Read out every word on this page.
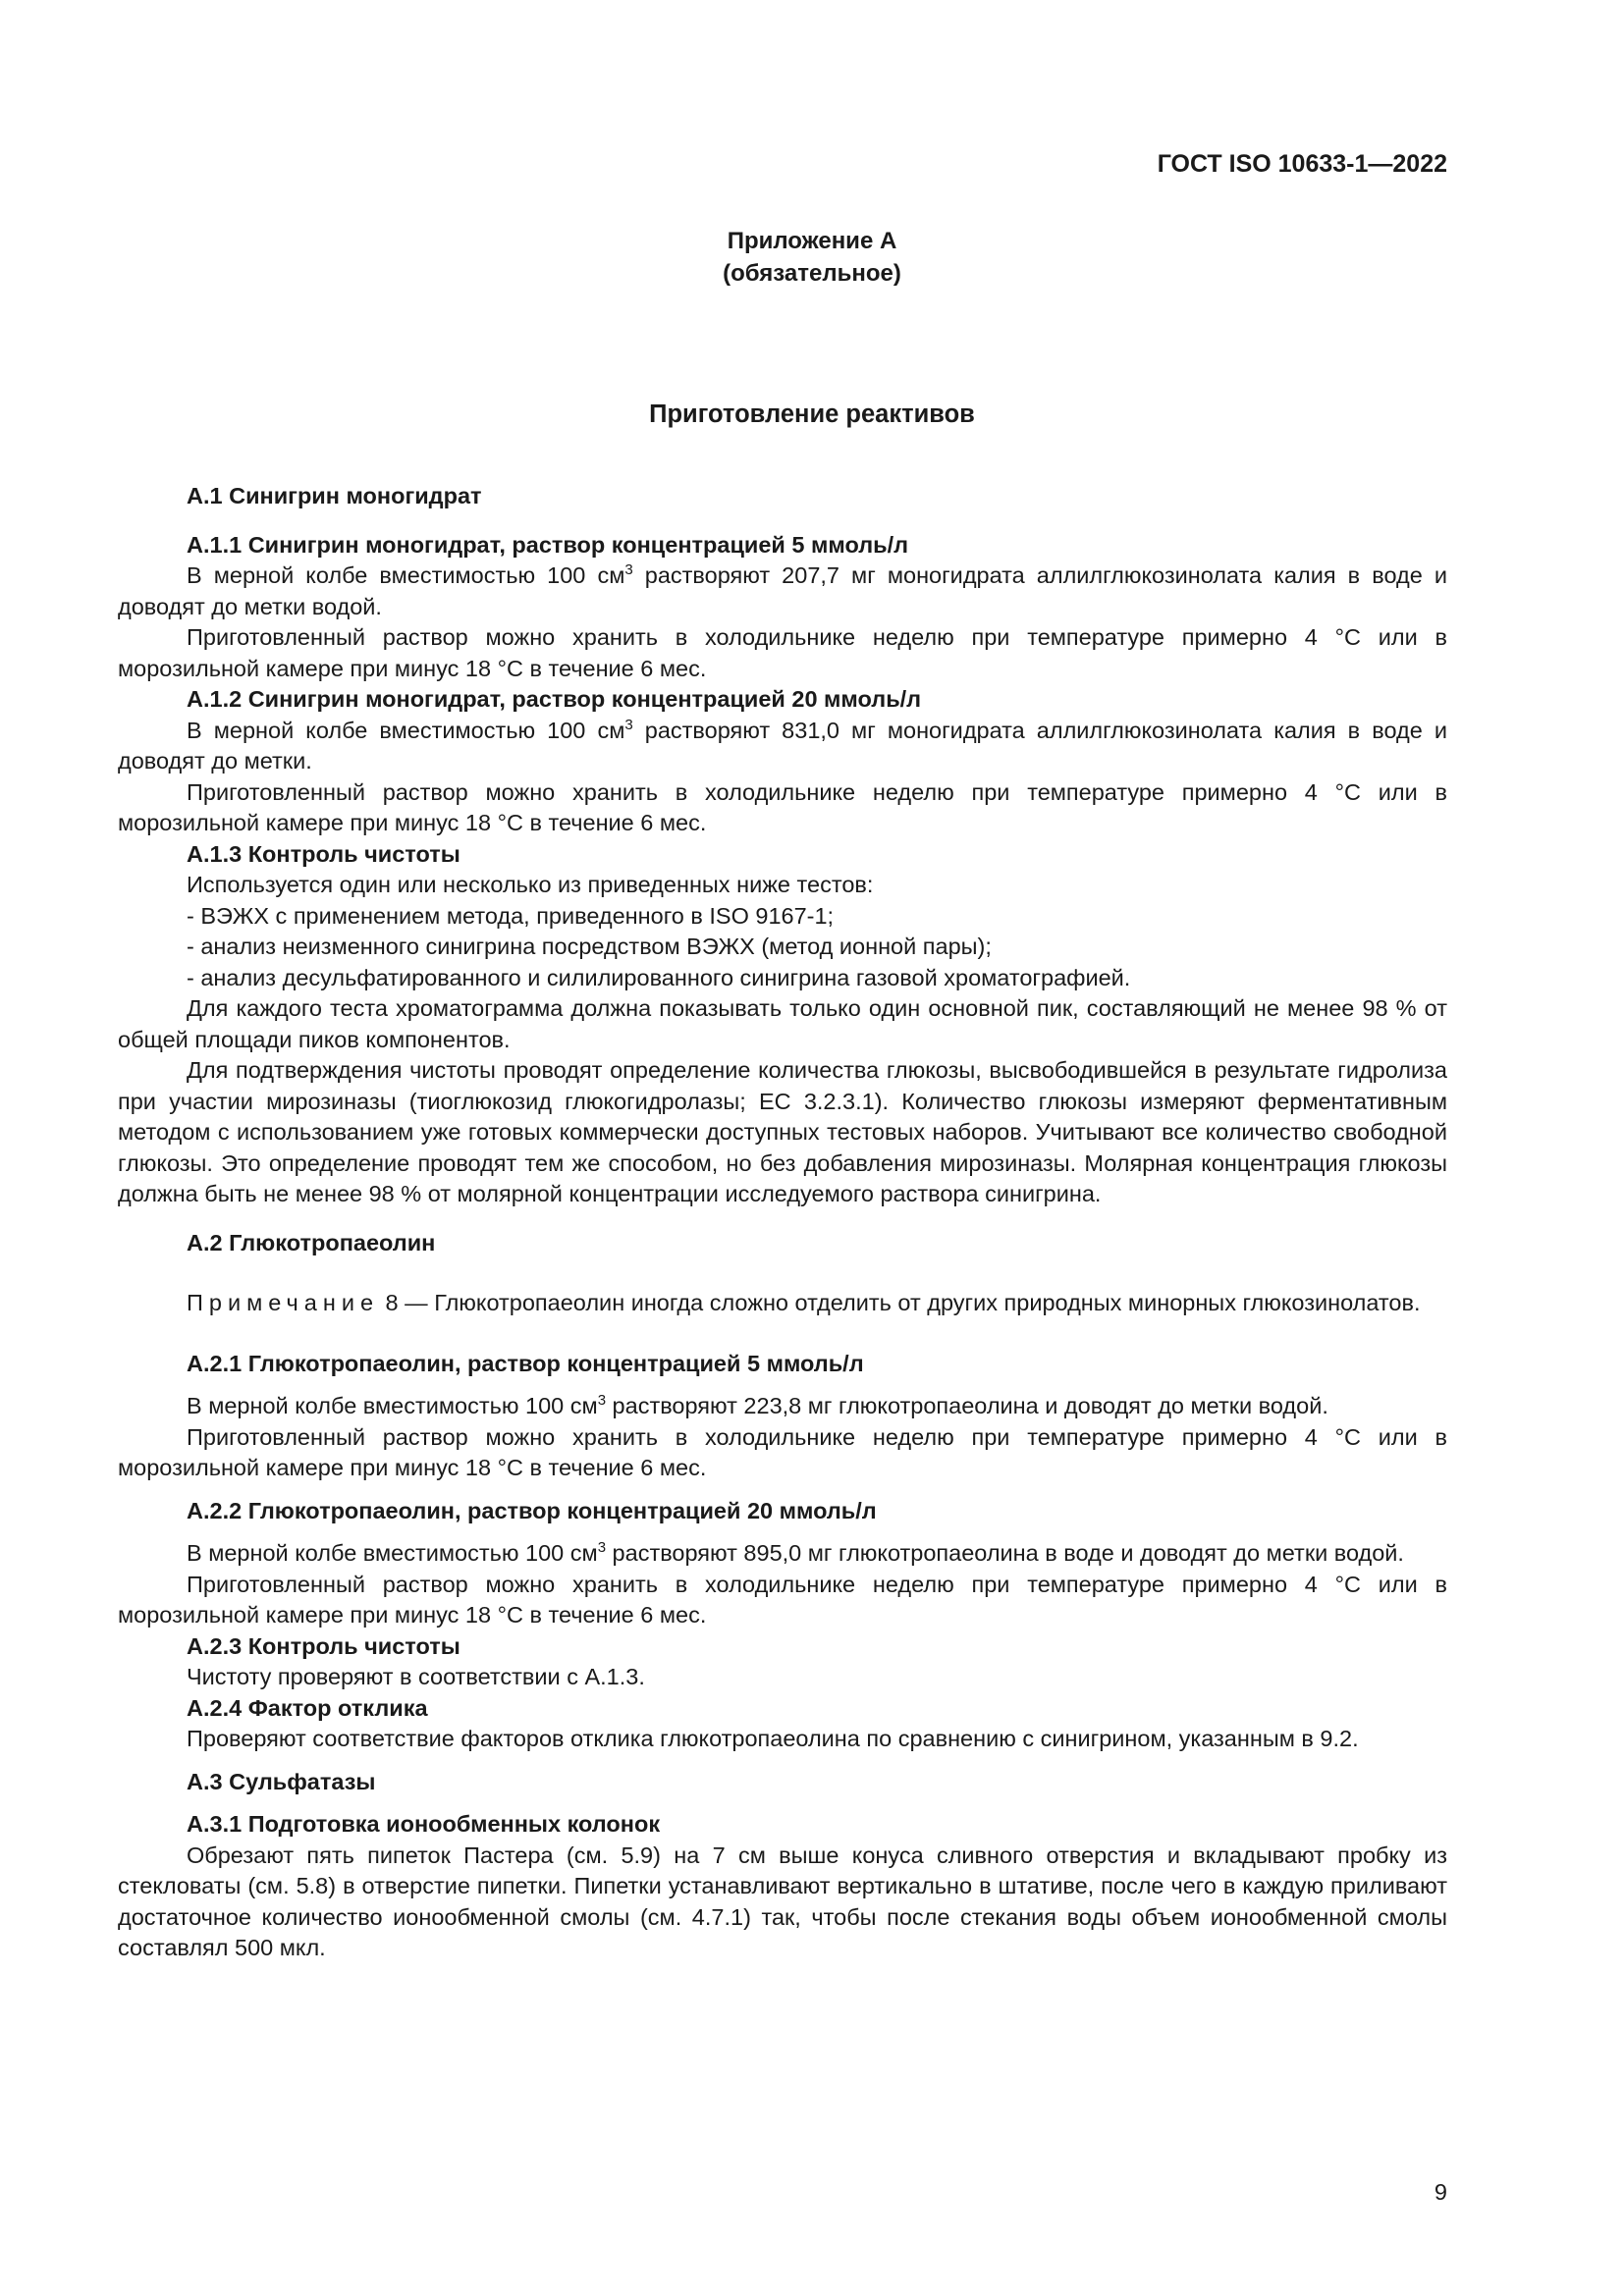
ГОСТ ISO 10633-1—2022
Приложение А
(обязательное)
Приготовление реактивов
А.1 Синигрин моногидрат
А.1.1 Синигрин моногидрат, раствор концентрацией 5 ммоль/л
В мерной колбе вместимостью 100 $см^3$ растворяют 207,7 мг моногидрата аллилглюкозинолата калия в воде и доводят до метки водой.
Приготовленный раствор можно хранить в холодильнике неделю при температуре примерно 4 °С или в морозильной камере при минус 18 °С в течение 6 мес.
А.1.2 Синигрин моногидрат, раствор концентрацией 20 ммоль/л
В мерной колбе вместимостью 100 $см^3$ растворяют 831,0 мг моногидрата аллилглюкозинолата калия в воде и доводят до метки.
Приготовленный раствор можно хранить в холодильнике неделю при температуре примерно 4 °С или в морозильной камере при минус 18 °С в течение 6 мес.
А.1.3 Контроль чистоты
Используется один или несколько из приведенных ниже тестов:
- ВЭЖХ с применением метода, приведенного в ISO 9167-1;
- анализ неизменного синигрина посредством ВЭЖХ (метод ионной пары);
- анализ десульфатированного и силилированного синигрина газовой хроматографией.
Для каждого теста хроматограмма должна показывать только один основной пик, составляющий не менее 98 % от общей площади пиков компонентов.
Для подтверждения чистоты проводят определение количества глюкозы, высвободившейся в результате гидролиза при участии мирозиназы (тиоглюкозид глюкогидролазы; ЕС 3.2.3.1). Количество глюкозы измеряют ферментативным методом с использованием уже готовых коммерчески доступных тестовых наборов. Учитывают все количество свободной глюкозы. Это определение проводят тем же способом, но без добавления мирозиназы. Молярная концентрация глюкозы должна быть не менее 98 % от молярной концентрации исследуемого раствора синигрина.
А.2 Глюкотропаеолин
Примечание 8 — Глюкотропаеолин иногда сложно отделить от других природных минорных глюкозинолатов.
А.2.1 Глюкотропаеолин, раствор концентрацией 5 ммоль/л
В мерной колбе вместимостью 100 $см^3$ растворяют 223,8 мг глюкотропаеолина и доводят до метки водой.
Приготовленный раствор можно хранить в холодильнике неделю при температуре примерно 4 °С или в морозильной камере при минус 18 °С в течение 6 мес.
А.2.2 Глюкотропаеолин, раствор концентрацией 20 ммоль/л
В мерной колбе вместимостью 100 $см^3$ растворяют 895,0 мг глюкотропаеолина в воде и доводят до метки водой.
Приготовленный раствор можно хранить в холодильнике неделю при температуре примерно 4 °С или в морозильной камере при минус 18 °С в течение 6 мес.
А.2.3 Контроль чистоты
Чистоту проверяют в соответствии с А.1.3.
А.2.4 Фактор отклика
Проверяют соответствие факторов отклика глюкотропаеолина по сравнению с синигрином, указанным в 9.2.
А.3 Сульфатазы
А.3.1 Подготовка ионообменных колонок
Обрезают пять пипеток Пастера (см. 5.9) на 7 см выше конуса сливного отверстия и вкладывают пробку из стекловаты (см. 5.8) в отверстие пипетки. Пипетки устанавливают вертикально в штативе, после чего в каждую приливают достаточное количество ионообменной смолы (см. 4.7.1) так, чтобы после стекания воды объем ионообменной смолы составлял 500 мкл.
9
